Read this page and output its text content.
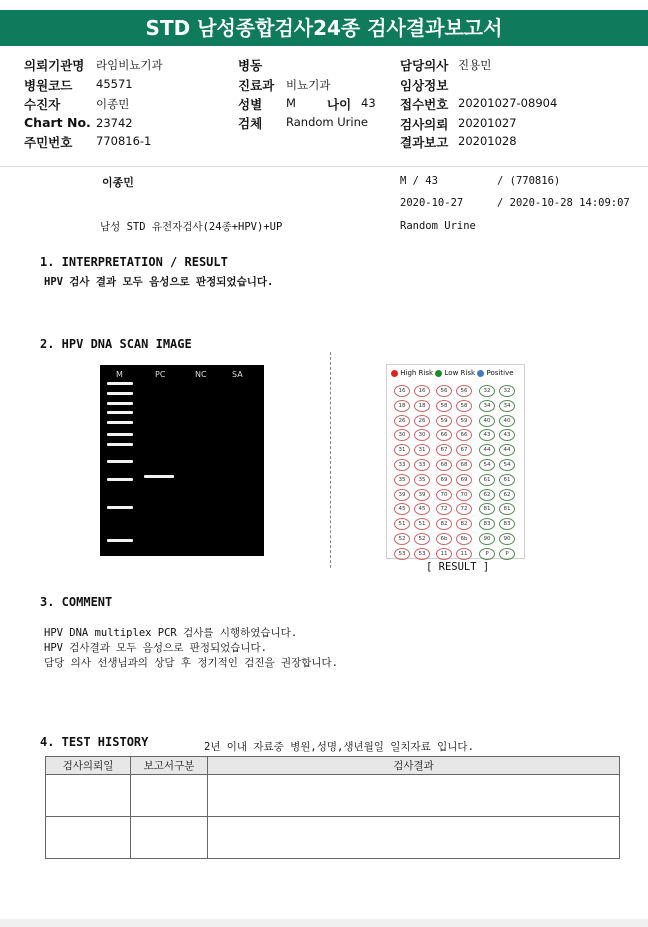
STD 남성종합검사24종 검사결과보고서
의뢰기관명 라임비뇨기과
병원코드 45571
수진자	이종민
Chart No. 23742
주민번호 770816-1
병동
진료과 비뇨기과
성별 M
검체 Random Urine
나이 43
담당의사 진용민
임상정보
접수번호 20201027-08904
검사의뢰 20201027
결과보고 20201028
이종민	M / 43	/ (770816)
2020-10-27	/ 2020-10-28 14:09:07
남성 STD 유전자검사(24종+HPV)+UP	Random Urine
1. INTERPRETATION / RESULT
HPV 검사 결과 모두 음성으로 판정되었습니다.
2. HPV DNA SCAN IMAGE
M	PC	NC	SA	High Risk Low Risk Positive
16	16	56	56	32	32
18	18	58	58	34	34
26	26	59	59	40	40
30	30	66	66	43	43
31	31	67	67	44	44
33	33	68	68	54	54
35	35	69	69	61	61
39	39	70	70	62	62
45	45	72	72	81	81
51	51	82	82	83	83
52	52	6b	6b	90	90
53	53	11	11	P	P
[ RESULT ]
3. COMMENT
HPV DNA multiplex PCR 검사를 시행하였습니다.
HPV 검사결과 모두 음성으로 판정되었습니다.
담당 의사 선생님과의 상담 후 정기적인 검진을 권장합니다.
4. TEST HISTORY	2년 이내 자료중 병원,성명,생년월일 일치자료 입니다.
검사의뢰일	보고서구분	검사결과
